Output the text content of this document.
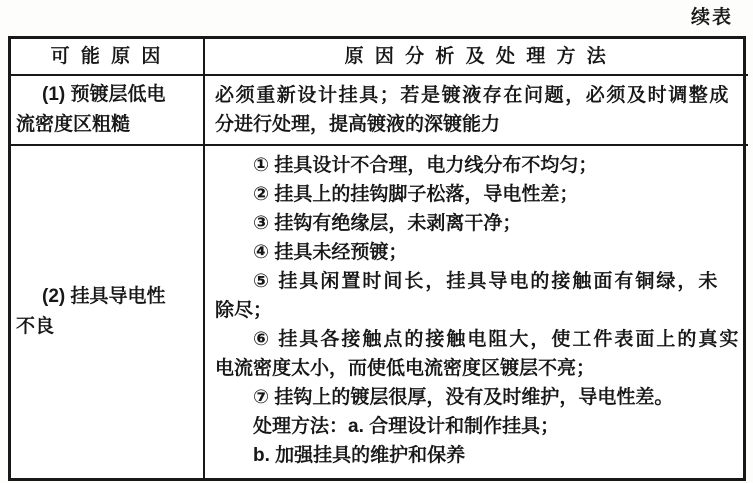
续表
可 能 原 因	原 因 分 析 及 处 理 方 法
(1) 预镀层低电
流密度区粗糙
必须重新设计挂具；若是镀液存在问题，必须及时调整成
分进行处理，提高镀液的深镀能力
(2) 挂具导电性
不良
① 挂具设计不合理，电力线分布不均匀；
② 挂具上的挂钩脚子松落，导电性差；
③ 挂钩有绝缘层，未剥离干净；
④ 挂具未经预镀；
⑤ 挂具闲置时间长，挂具导电的接触面有铜绿，未
除尽；
⑥ 挂具各接触点的接触电阻大，使工件表面上的真实
电流密度太小，而使低电流密度区镀层不亮；
⑦ 挂钩上的镀层很厚，没有及时维护，导电性差。
处理方法：a. 合理设计和制作挂具；
b. 加强挂具的维护和保养
